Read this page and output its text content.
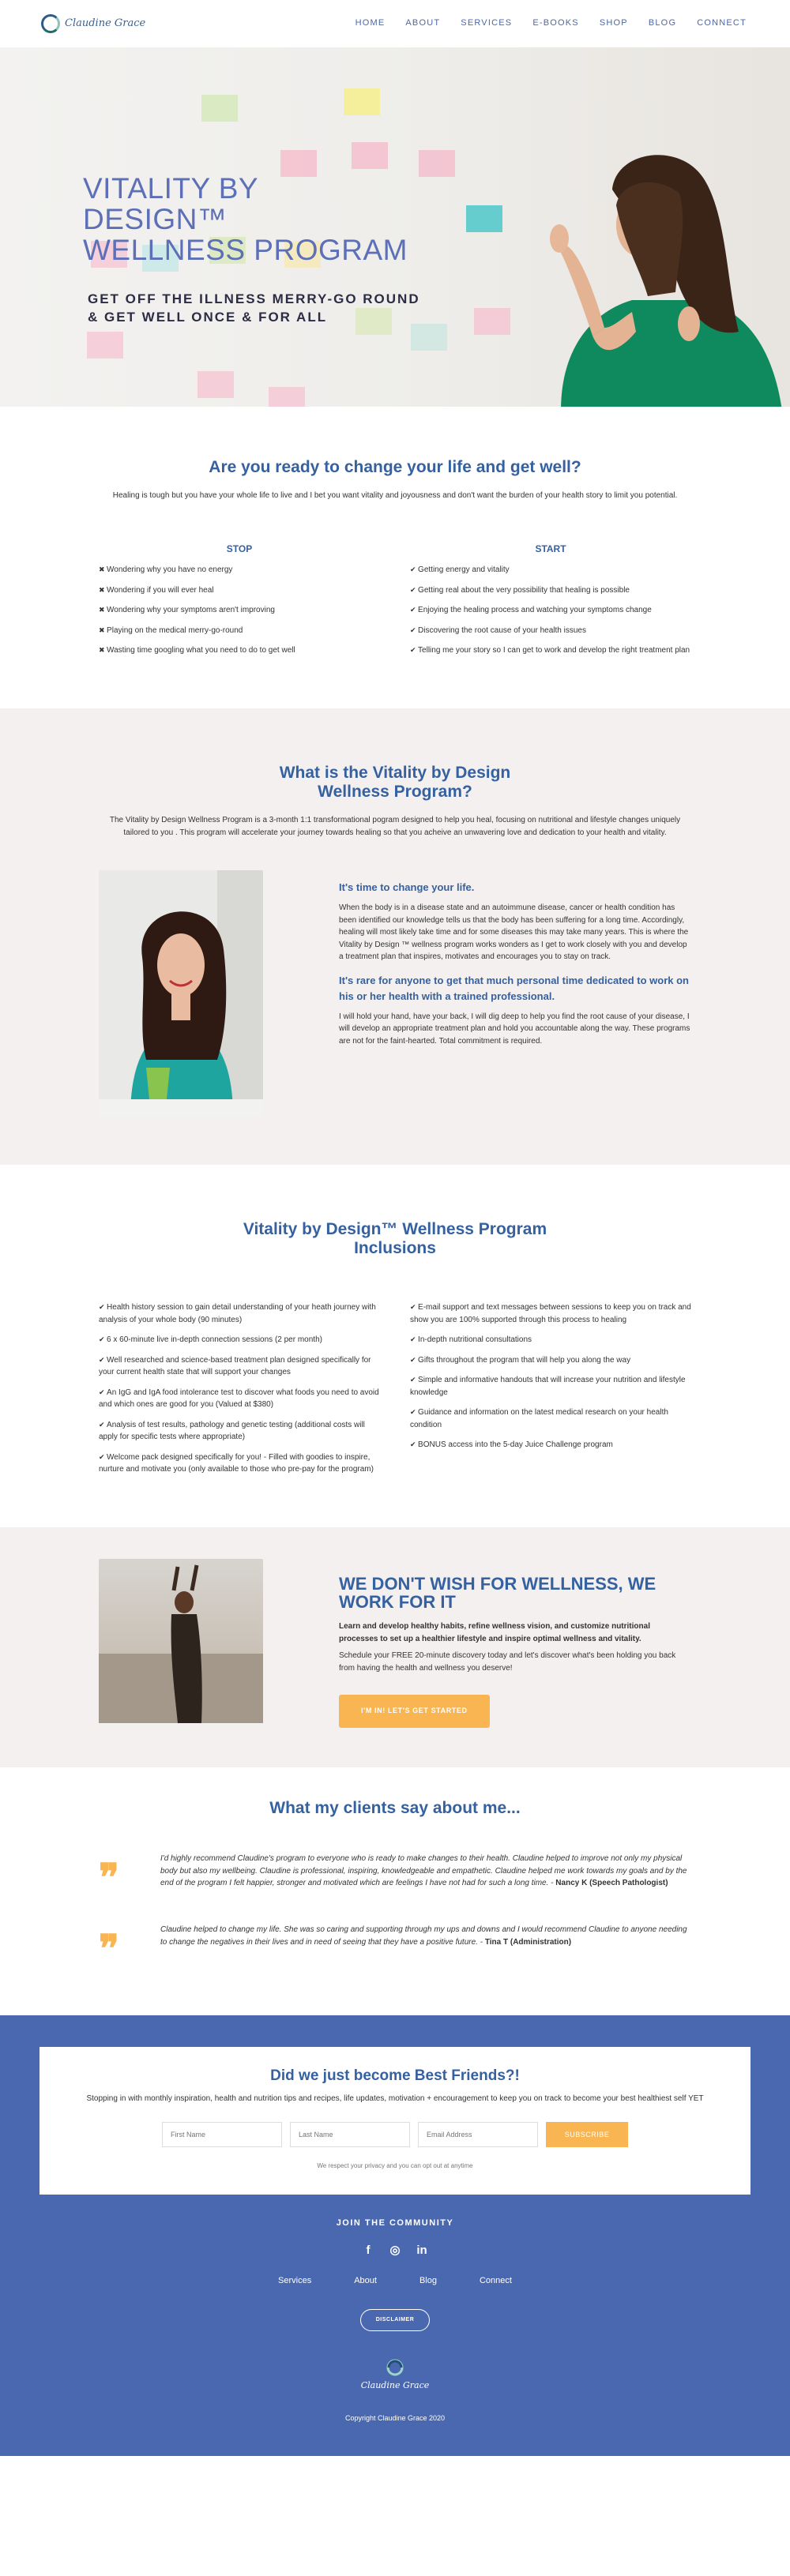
Claudine Grace	HOME ABOUT SERVICES E-BOOKS SHOP BLOG CONNECT
VITALITY BY
DESIGN™
WELLNESS PROGRAM
GET OFF THE ILLNESS MERRY-GO ROUND
& GET WELL ONCE & FOR ALL
Are you ready to change your life and get well?

Healing is tough but you have your whole life to live and I bet you want vitality and joyousness and don't want the burden of your health story to limit you potential.

STOP
✖ Wondering why you have no energy
✖ Wondering if you will ever heal
✖ Wondering why your symptoms aren't improving
✖ Playing on the medical merry-go-round
✖ Wasting time googling what you need to do to get well
START
✔ Getting energy and vitality
✔ Getting real about the very possibility that healing is possible
✔ Enjoying the healing process and watching your symptoms change
✔ Discovering the root cause of your health issues
✔ Telling me your story so I can get to work and develop the right treatment plan
What is the Vitality by Design
Wellness Program?

The Vitality by Design Wellness Program is a 3-month 1:1 transformational pogram designed to help you heal, focusing on nutritional and lifestyle changes uniquely tailored to you . This program will accelerate your journey towards healing so that you acheive an unwavering love and dedication to your health and vitality.

It's time to change your life.

When the body is in a disease state and an autoimmune disease, cancer or health condition has been identified our knowledge tells us that the body has been suffering for a long time. Accordingly, healing will most likely take time and for some diseases this may take many years. This is where the Vitality by Design ™ wellness program works wonders as I get to work closely with you and develop a treatment plan that inspires, motivates and encourages you to stay on track.

It's rare for anyone to get that much personal time dedicated to work on his or her health with a trained professional.

I will hold your hand, have your back, I will dig deep to help you find the root cause of your disease, I will develop an appropriate treatment plan and hold you accountable along the way. These programs are not for the faint-hearted. Total commitment is required.

Vitality by Design™ Wellness Program
Inclusions
✔ Health history session to gain detail understanding of your heath journey with analysis of your whole body (90 minutes)
✔ 6 x 60-minute live in-depth connection sessions (2 per month)
✔ Well researched and science-based treatment plan designed specifically for your current health state that will support your changes
✔ An IgG and IgA food intolerance test to discover what foods you need to avoid and which ones are good for you (Valued at $380)
✔ Analysis of test results, pathology and genetic testing (additional costs will apply for specific tests where appropriate)
✔ Welcome pack designed specifically for you! - Filled with goodies to inspire, nurture and motivate you (only available to those who pre-pay for the program)
✔ E-mail support and text messages between sessions to keep you on track and show you are 100% supported through this process to healing
✔ In-depth nutritional consultations
✔ Gifts throughout the program that will help you along the way
✔ Simple and informative handouts that will increase your nutrition and lifestyle knowledge
✔ Guidance and information on the latest medical research on your health condition
✔ BONUS access into the 5-day Juice Challenge program
WE DON'T WISH FOR WELLNESS, WE WORK FOR IT

Learn and develop healthy habits, refine wellness vision, and customize nutritional processes to set up a healthier lifestyle and inspire optimal wellness and vitality.

Schedule your FREE 20-minute discovery today and let's discover what's been holding you back from having the health and wellness you deserve!

I'M IN! LET'S GET STARTED
What my clients say about me...
❞	I'd highly recommend Claudine's program to everyone who is ready to make changes to their health. Claudine helped to improve not only my physical body but also my wellbeing. Claudine is professional, inspiring, knowledgeable and empathetic. Claudine helped me work towards my goals and by the end of the program I felt happier, stronger and motivated which are feelings I have not had for such a long time. - Nancy K (Speech Pathologist)

❞	Claudine helped to change my life. She was so caring and supporting through my ups and downs and I would recommend Claudine to anyone needing to change the negatives in their lives and in need of seeing that they have a positive future. - Tina T (Administration)

Did we just become Best Friends?!

Stopping in with monthly inspiration, health and nutrition tips and recipes, life updates, motivation + encouragement to keep you on track to become your best healthiest self YET

First Name
Last Name
Email Address
SUBSCRIBE

We respect your privacy and you can opt out at anytime

JOIN THE COMMUNITY
f	◎ in
Services	About	Blog	Connect
DISCLAIMER
Claudine Grace

Copyright Claudine Grace 2020
